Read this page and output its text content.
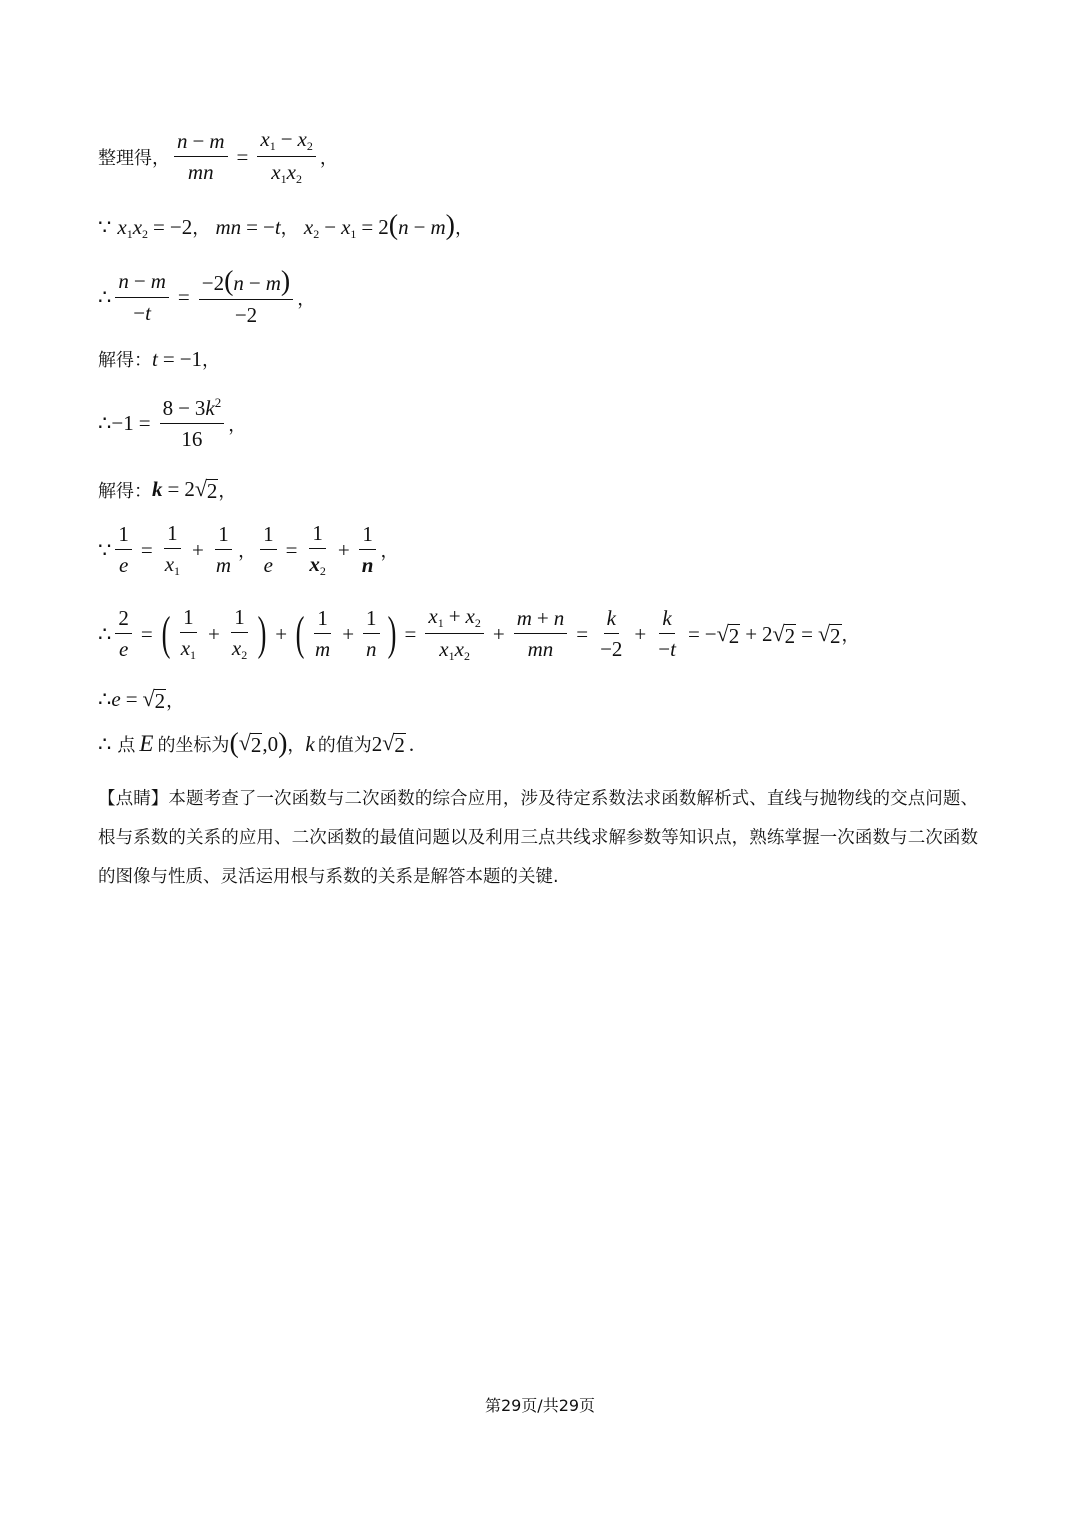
整理得， $\frac{n - m}{mn} = \frac{x_1 - x_2}{x_1x_2}$ ，
∵ $x_1x_2 = -2$， mn = −t， $x_2 - x_1 = 2(n - m)$ ，
∴ $\frac{n - m}{-t} = \frac{-2(n - m)}{-2}$ ，
解得： t = −1 ，
∴ $-1 = \frac{8 - 3k^2}{16}$ ，
解得： k = 2 √ 2 ，
∵ $\frac{1}{e} = \frac{1}{x_1} + \frac{1}{m}$ ， $\frac{1}{e} = \frac{1}{x_2} + \frac{1}{n}$ ，
∴ $\frac{2}{e}$ = ( $\frac{1}{x_1} + \frac{1}{x_2}$ ) + ( $\frac{1}{m} + \frac{1}{n}$ ) = $\frac{x_1 + x_2}{x_1x_2} + \frac{m + n}{mn} = \frac{k}{-2} + \frac{k}{-t}$ = − √ 2 + 2 √ 2 = √ 2 ，
∴ e = √ 2 ，
∴ 点 E 的坐标为 ( √ 2 ,0 ) ， k 的值为 2 √ 2 .
【点睛】本题考查了一次函数与二次函数的综合应用，涉及待定系数法求函数解析式、直线与抛物线的交点问题、根与系数的关系的应用、二次函数的最值问题以及利用三点共线求解参数等知识点，熟练掌握一次函数与二次函数的图像与性质、灵活运用根与系数的关系是解答本题的关键.
第29页/共29页
